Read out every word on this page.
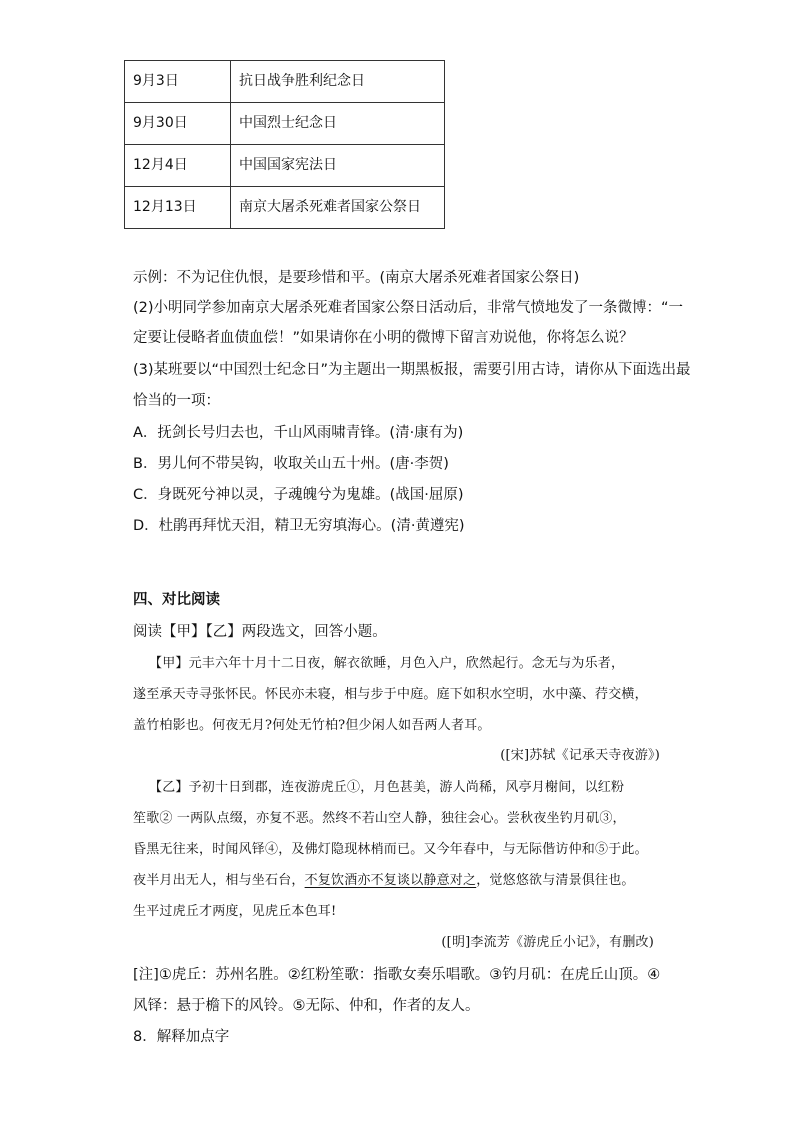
9月3日	抗日战争胜利纪念日
9月30日	中国烈士纪念日
12月4日	中国国家宪法日
12月13日	南京大屠杀死难者国家公祭日
示例：不为记住仇恨，是要珍惜和平。(南京大屠杀死难者国家公祭日)
(2)小明同学参加南京大屠杀死难者国家公祭日活动后，非常气愤地发了一条微博：“一
定要让侵略者血债血偿！”如果请你在小明的微博下留言劝说他，你将怎么说？
(3)某班要以“中国烈士纪念日”为主题出一期黑板报，需要引用古诗，请你从下面选出最
恰当的一项：
A．抚剑长号归去也，千山风雨啸青锋。(清·康有为)
B．男儿何不带吴钩，收取关山五十州。(唐·李贺)
C．身既死兮神以灵，子魂魄兮为鬼雄。(战国·屈原)
D．杜鹃再拜忧天泪，精卫无穷填海心。(清·黄遵宪)
四、对比阅读
阅读【甲】【乙】两段选文，回答小题。
【甲】元丰六年十月十二日夜，解衣欲睡，月色入户，欣然起行。念无与为乐者，
遂至承天寺寻张怀民。怀民亦未寝，相与步于中庭。庭下如积水空明，水中藻、荇交横，
盖竹柏影也。何夜无月?何处无竹柏?但少闲人如吾两人者耳。
([宋]苏轼《记承天寺夜游》)
【乙】予初十日到郡，连夜游虎丘①，月色甚美，游人尚稀，风亭月榭间，以红粉
笙歌② 一两队点缀，亦复不恶。然终不若山空人静，独往会心。尝秋夜坐钓月矶③，
昏黑无往来，时闻风铎④，及佛灯隐现林梢而已。又今年春中，与无际偕访仲和⑤于此。
夜半月出无人，相与坐石台，不复饮酒亦不复谈以静意对之，觉悠悠欲与清景俱往也。
生平过虎丘才两度，见虎丘本色耳!
([明]李流芳《游虎丘小记》，有删改)
[注]①虎丘：苏州名胜。②红粉笙歌：指歌女奏乐唱歌。③钓月矶：在虎丘山顶。④
风铎：悬于檐下的风铃。⑤无际、仲和，作者的友人。
8．解释加点字
